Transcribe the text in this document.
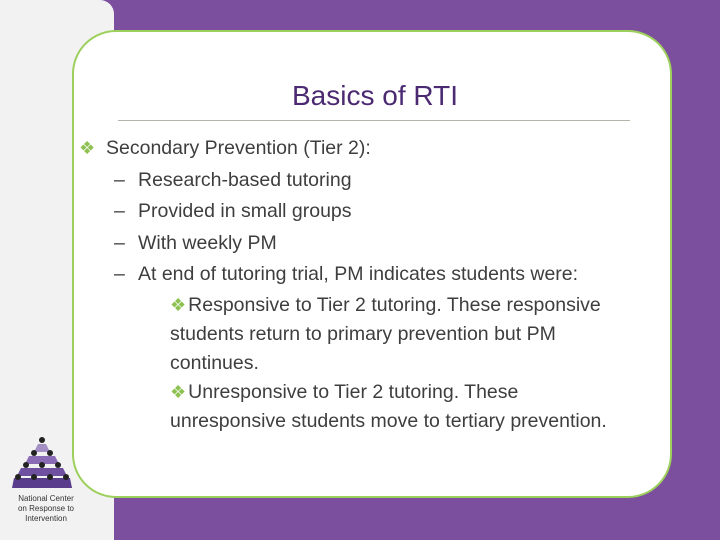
Basics of RTI
❖ Secondary Prevention (Tier 2):
– Research-based tutoring
– Provided in small groups
– With weekly PM
– At end of tutoring trial, PM indicates students were:
❖ Responsive to Tier 2 tutoring. These responsive
students return to primary prevention but PM
continues.
❖ Unresponsive to Tier 2 tutoring. These
unresponsive students move to tertiary prevention.
National Center
on Response to
Intervention
